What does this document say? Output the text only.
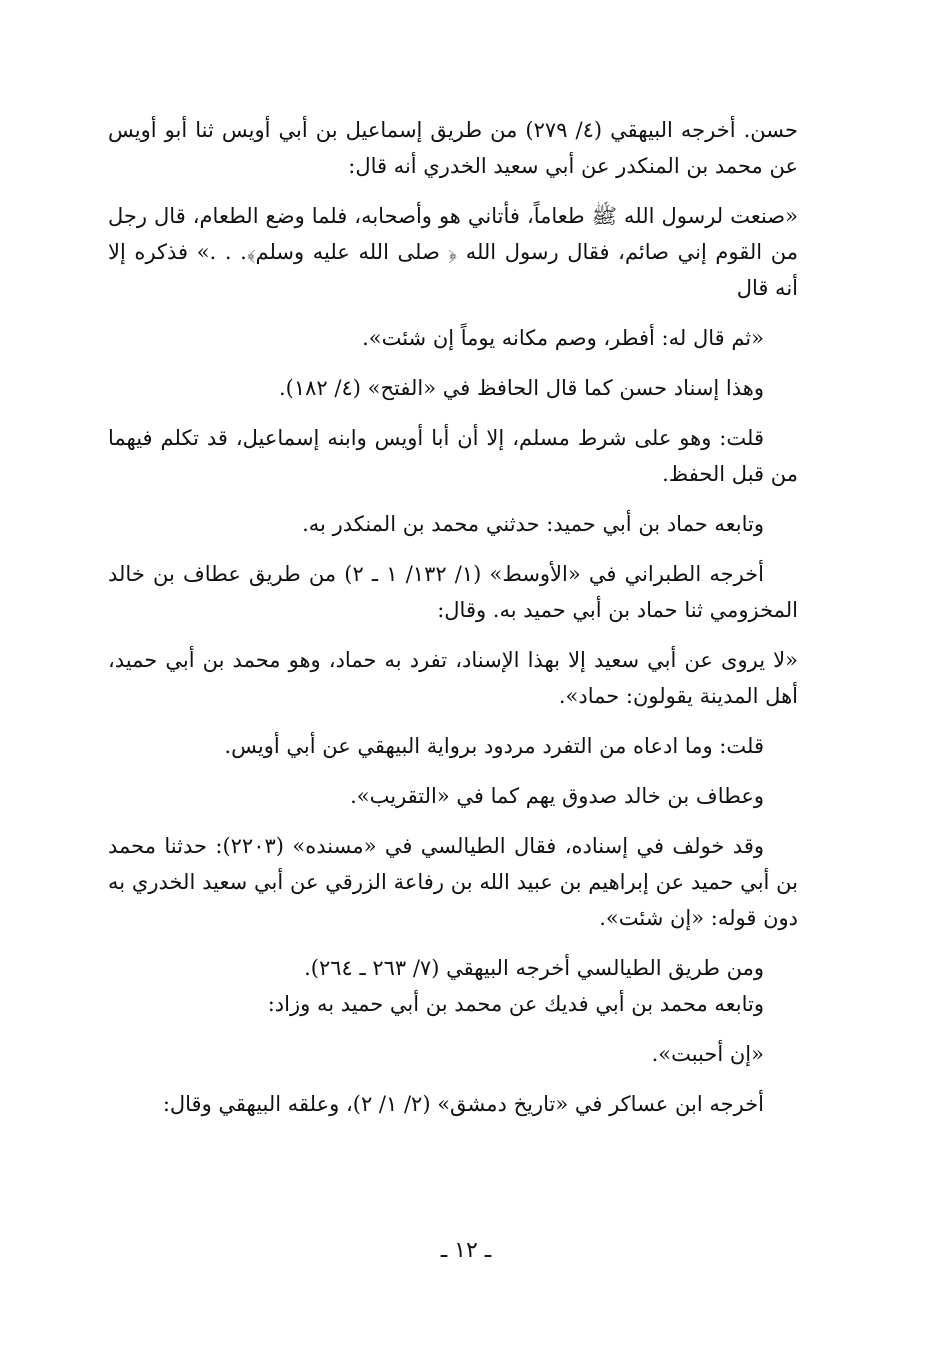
حسن. أخرجه البيهقي (٤/ ٢٧٩) من طريق إسماعيل بن أبي أويس ثنا أبو أويس عن محمد بن المنكدر عن أبي سعيد الخدري أنه قال:

«صنعت لرسول الله ﷺ طعاماً، فأتاني هو وأصحابه، فلما وضع الطعام، قال رجل من القوم إني صائم، فقال رسول الله ﴿ صلى الله عليه وسلم﴾. . .» فذكره إلا أنه قال

«ثم قال له: أفطر، وصم مكانه يوماً إن شئت».

وهذا إسناد حسن كما قال الحافظ في «الفتح» (٤/ ١٨٢).

قلت: وهو على شرط مسلم، إلا أن أبا أويس وابنه إسماعيل، قد تكلم فيهما من قبل الحفظ.

وتابعه حماد بن أبي حميد: حدثني محمد بن المنكدر به.

أخرجه الطبراني في «الأوسط» (١/ ١٣٢/ ١ ـ ٢) من طريق عطاف بن خالد المخزومي ثنا حماد بن أبي حميد به. وقال:

«لا يروى عن أبي سعيد إلا بهذا الإسناد، تفرد به حماد، وهو محمد بن أبي حميد، أهل المدينة يقولون: حماد».

قلت: وما ادعاه من التفرد مردود برواية البيهقي عن أبي أويس.

وعطاف بن خالد صدوق يهم كما في «التقريب».

وقد خولف في إسناده، فقال الطيالسي في «مسنده» (٢٢٠٣): حدثنا محمد بن أبي حميد عن إبراهيم بن عبيد الله بن رفاعة الزرقي عن أبي سعيد الخدري به دون قوله: «إن شئت».

ومن طريق الطيالسي أخرجه البيهقي (٧/ ٢٦٣ ـ ٢٦٤).

وتابعه محمد بن أبي فديك عن محمد بن أبي حميد به وزاد:

«إن أحببت».

أخرجه ابن عساكر في «تاريخ دمشق» (٢/ ١/ ٢)، وعلقه البيهقي وقال:

ـ ١٢ ـ
